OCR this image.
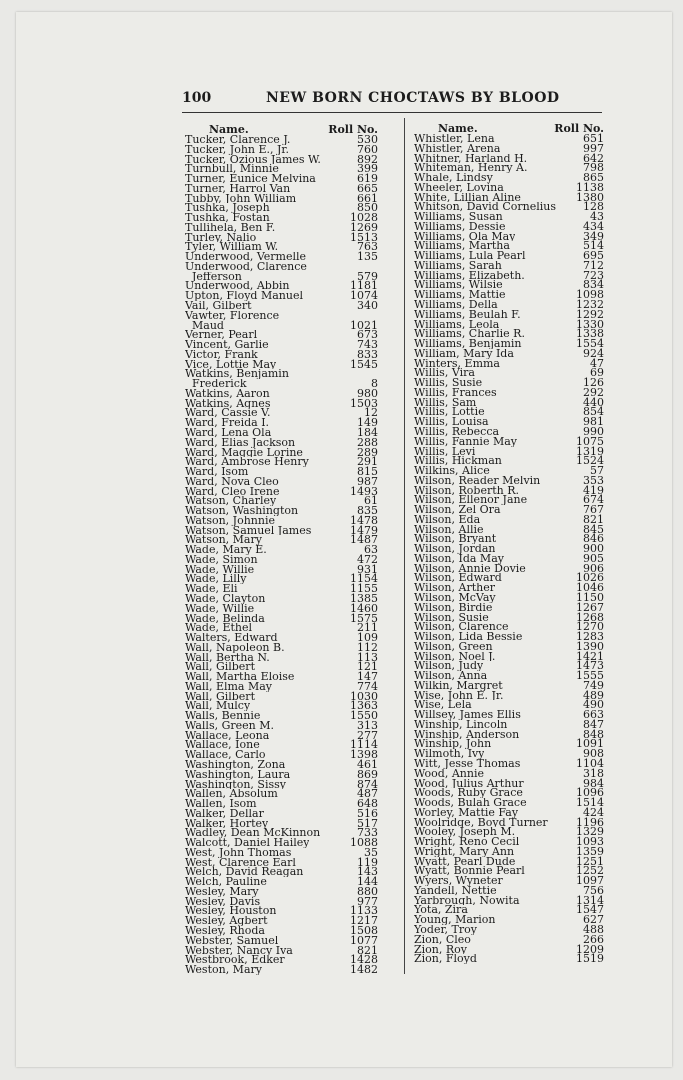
100	NEW BORN CHOCTAWS BY BLOOD
Name.	Roll No.
Tucker, Clarence J.	530
Tucker, John E., Jr.	760
Tucker, Ozious James W.	892
Turnbull, Minnie	399
Turner, Eunice Melvina	619
Turner, Harrol Van	665
Tubby, John William	661
Tushka, Joseph	850
Tushka, Fostan	1028
Tullihela, Ben F.	1269
Turley, Nalio	1513
Tyler, William W.	763
Underwood, Vermelle	135
Underwood, Clarence
Jefferson	579
Underwood, Abbin	1181
Upton, Floyd Manuel	1074
Vail, Gilbert	340
Vawter, Florence
Maud	1021
Verner, Pearl	673
Vincent, Garlie	743
Victor, Frank	833
Vice, Lottie May	1545
Watkins, Benjamin
Frederick	8
Watkins, Aaron	980
Watkins, Agnes	1503
Ward, Cassie V.	12
Ward, Freida I.	149
Ward, Lena Ola	184
Ward, Elias Jackson	288
Ward, Maggie Lorine	289
Ward, Ambrose Henry	291
Ward, Isom	815
Ward, Nova Cleo	987
Ward, Cleo Irene	1493
Watson, Charley	61
Watson, Washington	835
Watson, Johnnie	1478
Watson, Samuel James	1479
Watson, Mary	1487
Wade, Mary E.	63
Wade, Simon	472
Wade, Willie	931
Wade, Lilly	1154
Wade, Eli	1155
Wade, Clayton	1385
Wade, Willie	1460
Wade, Belinda	1575
Wade, Ethel	211
Walters, Edward	109
Wall, Napoleon B.	112
Wall, Bertha N.	113
Wall, Gilbert	121
Wall, Martha Eloise	147
Wall, Elma May	774
Wall, Gilbert	1030
Wall, Mulcy	1363
Walls, Bennie	1550
Walls, Green M.	313
Wallace, Leona	277
Wallace, Ione	1114
Wallace, Carlo	1398
Washington, Zona	461
Washington, Laura	869
Washington, Sissy	874
Wallen, Absolum	487
Wallen, Isom	648
Walker, Dellar	516
Walker, Hortey	517
Wadley, Dean McKinnon	733
Walcott, Daniel Hailey	1088
West, John Thomas	35
West, Clarence Earl	119
Welch, David Reagan	143
Welch, Pauline	144
Wesley, Mary	880
Wesley, Davis	977
Wesley, Houston	1133
Wesley, Agbert	1217
Wesley, Rhoda	1508
Webster, Samuel	1077
Webster, Nancy Iva	821
Westbrook, Edker	1428
Weston, Mary	1482
Name.	Roll No.
Whistler, Lena	651
Whistler, Arena	997
Whitner, Harland H.	642
Whiteman, Henry A.	798
Whale, Lindsy	865
Wheeler, Lovina	1138
White, Lillian Aline	1380
Whitson, David Cornelius	128
Williams, Susan	43
Williams, Dessie	434
Williams, Ola May	349
Williams, Martha	514
Williams, Lula Pearl	695
Williams, Sarah	712
Williams, Elizabeth.	723
Williams, Wilsie	834
Williams, Mattie	1098
Williams, Della	1232
Williams, Beulah F.	1292
Williams, Leola	1330
Williams, Charlie R.	1338
Williams, Benjamin	1554
William, Mary Ida	924
Winters, Emma	47
Willis, Vira	69
Willis, Susie	126
Willis, Frances	292
Willis, Sam	440
Willis, Lottie	854
Willis, Louisa	981
Willis, Rebecca	990
Willis, Fannie May	1075
Willis, Levi	1319
Willis, Hickman	1524
Wilkins, Alice	57
Wilson, Reader Melvin	353
Wilson, Roberth R.	419
Wilson, Ellenor Jane	674
Wilson, Zel Ora	767
Wilson, Eda	821
Wilson, Allie	845
Wilson, Bryant	846
Wilson, Jordan	900
Wilson, Ida May	905
Wilson, Annie Dovie	906
Wilson, Edward	1026
Wilson, Arther	1046
Wilson, McVay	1150
Wilson, Birdie	1267
Wilson, Susie	1268
Wilson, Clarence	1270
Wilson, Lida Bessie	1283
Wilson, Green	1390
Wilson, Noel J.	1421
Wilson, Judy	1473
Wilson, Anna	1555
Wilkin, Margret	749
Wise, John E. Jr.	489
Wise, Lela	490
Willsey, James Ellis	663
Winship, Lincoln	847
Winship, Anderson	848
Winship, John	1091
Wilmoth, Ivy	908
Witt, Jesse Thomas	1104
Wood, Annie	318
Wood, Julius Arthur	984
Woods, Ruby Grace	1096
Woods, Bulah Grace	1514
Worley, Mattie Fay	424
Woolridge, Boyd Turner	1196
Wooley, Joseph M.	1329
Wright, Reno Cecil	1093
Wright, Mary Ann	1359
Wyatt, Pearl Dude	1251
Wyatt, Bonnie Pearl	1252
Wyers, Wyneter	1097
Yandell, Nettie	756
Yarbrough, Nowita	1314
Yota, Zira	1547
Young, Marion	627
Yoder, Troy	488
Zion, Cleo	266
Zion, Roy	1209
Zion, Floyd	1519
